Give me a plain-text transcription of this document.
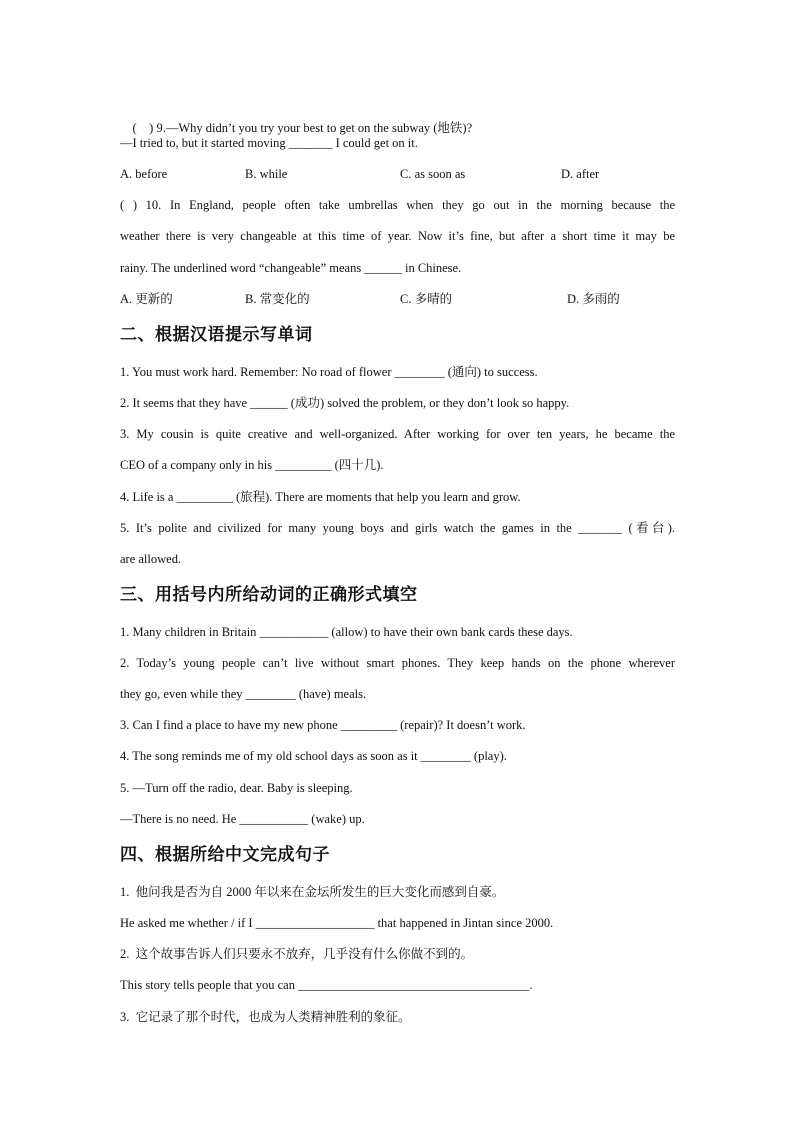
(    ) 9.—Why didn’t you try your best to get on the subway (地铁)?

—I tried to, but it started moving _______ I could get on it.
A. before	B. while	C. as soon as	D. after
( ) 10. In England, people often take umbrellas when they go out in the morning because the
weather there is very changeable at this time of year. Now it’s fine, but after a short time it may be
rainy. The underlined word “changeable” means ______ in Chinese.
A. 更新的	B. 常变化的	C. 多晴的	D. 多雨的
二、根据汉语提示写单词
1. You must work hard. Remember: No road of flower ________ (通向) to success.
2. It seems that they have ______ (成功) solved the problem, or they don’t look so happy.
3. My cousin is quite creative and well-organized. After working for over ten years, he became the
CEO of a company only in his _________ (四十几).
4. Life is a _________ (旅程). There are moments that help you learn and grow.
5. It’s polite and civilized for many young boys and girls watch the games in the _______ (看台).
are allowed.
三、用括号内所给动词的正确形式填空
1. Many children in Britain ___________ (allow) to have their own bank cards these days.
2. Today’s young people can’t live without smart phones. They keep hands on the phone wherever
they go, even while they ________ (have) meals.
3. Can I find a place to have my new phone _________ (repair)? It doesn’t work.
4. The song reminds me of my old school days as soon as it ________ (play).
5. —Turn off the radio, dear. Baby is sleeping.
—There is no need. He ___________ (wake) up.
四、根据所给中文完成句子
1.  他问我是否为自 2000 年以来在金坛所发生的巨大变化而感到自豪。
He asked me whether / if I ___________________ that happened in Jintan since 2000.
2.  这个故事告诉人们只要永不放弃，几乎没有什么你做不到的。
This story tells people that you can _____________________________________.
3.  它记录了那个时代，也成为人类精神胜利的象征。
